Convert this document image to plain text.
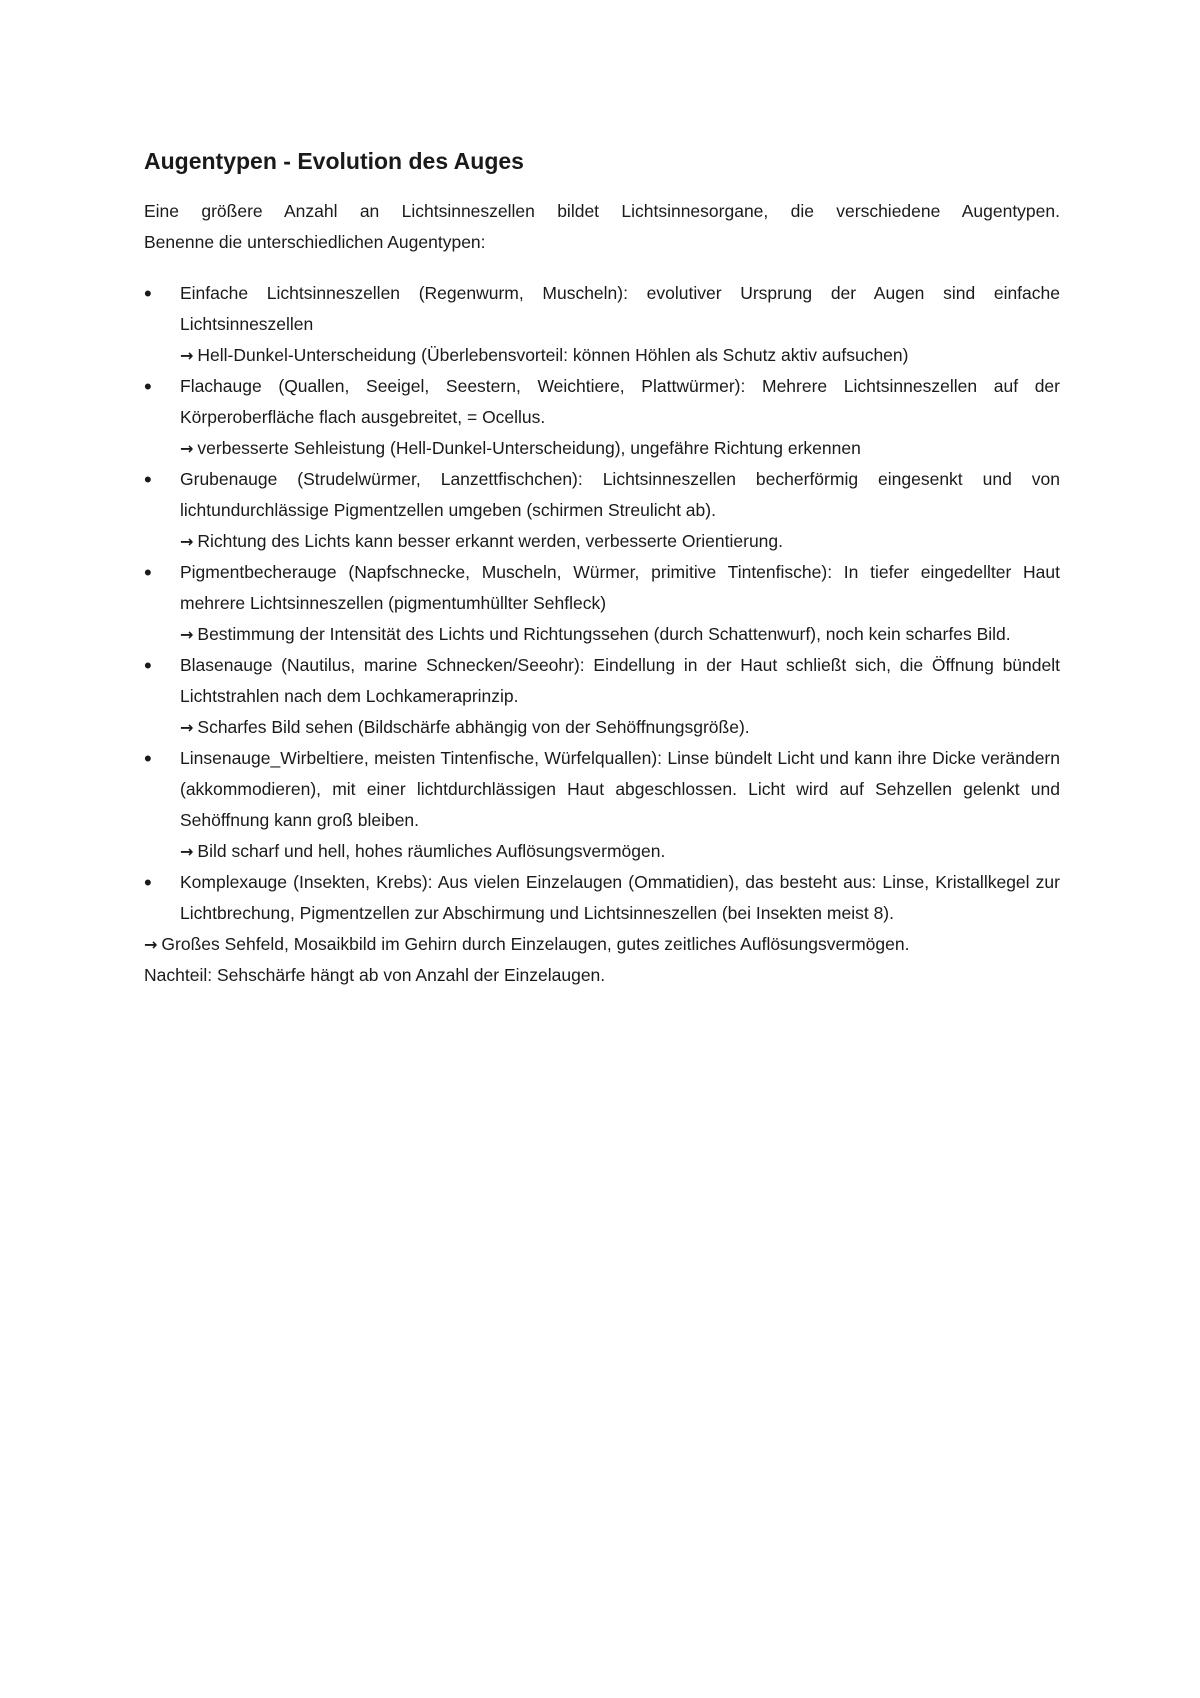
Augentypen - Evolution des Auges

Eine größere Anzahl an Lichtsinneszellen bildet Lichtsinnesorgane, die verschiedene Augentypen.
Benenne die unterschiedlichen Augentypen:

•	Einfache Lichtsinneszellen (Regenwurm, Muscheln): evolutiver Ursprung der Augen sind einfache Lichtsinneszellen
→ Hell-Dunkel-Unterscheidung (Überlebensvorteil: können Höhlen als Schutz aktiv aufsuchen)
•	Flachauge (Quallen, Seeigel, Seestern, Weichtiere, Plattwürmer): Mehrere Lichtsinneszellen auf der Körperoberfläche flach ausgebreitet, = Ocellus.
→ verbesserte Sehleistung (Hell-Dunkel-Unterscheidung), ungefähre Richtung erkennen
•	Grubenauge (Strudelwürmer, Lanzettfischchen): Lichtsinneszellen becherförmig eingesenkt und von lichtundurchlässige Pigmentzellen umgeben (schirmen Streulicht ab).
→ Richtung des Lichts kann besser erkannt werden, verbesserte Orientierung.
•	Pigmentbecherauge (Napfschnecke, Muscheln, Würmer, primitive Tintenfische): In tiefer eingedellter Haut mehrere Lichtsinneszellen (pigmentumhüllter Sehfleck)
→ Bestimmung der Intensität des Lichts und Richtungssehen (durch Schattenwurf), noch kein scharfes Bild.
•	Blasenauge (Nautilus, marine Schnecken/Seeohr): Eindellung in der Haut schließt sich, die Öffnung bündelt Lichtstrahlen nach dem Lochkameraprinzip.
→ Scharfes Bild sehen (Bildschärfe abhängig von der Sehöffnungsgröße).
•	Linsenauge_Wirbeltiere, meisten Tintenfische, Würfelquallen): Linse bündelt Licht und kann ihre Dicke verändern (akkommodieren), mit einer lichtdurchlässigen Haut abgeschlossen. Licht wird auf Sehzellen gelenkt und Sehöffnung kann groß bleiben.
→ Bild scharf und hell, hohes räumliches Auflösungsvermögen.
•	Komplexauge (Insekten, Krebs): Aus vielen Einzelaugen (Ommatidien), das besteht aus: Linse, Kristallkegel zur Lichtbrechung, Pigmentzellen zur Abschirmung und Lichtsinneszellen (bei Insekten meist 8).

→ Großes Sehfeld, Mosaikbild im Gehirn durch Einzelaugen, gutes zeitliches Auflösungsvermögen.
Nachteil: Sehschärfe hängt ab von Anzahl der Einzelaugen.
